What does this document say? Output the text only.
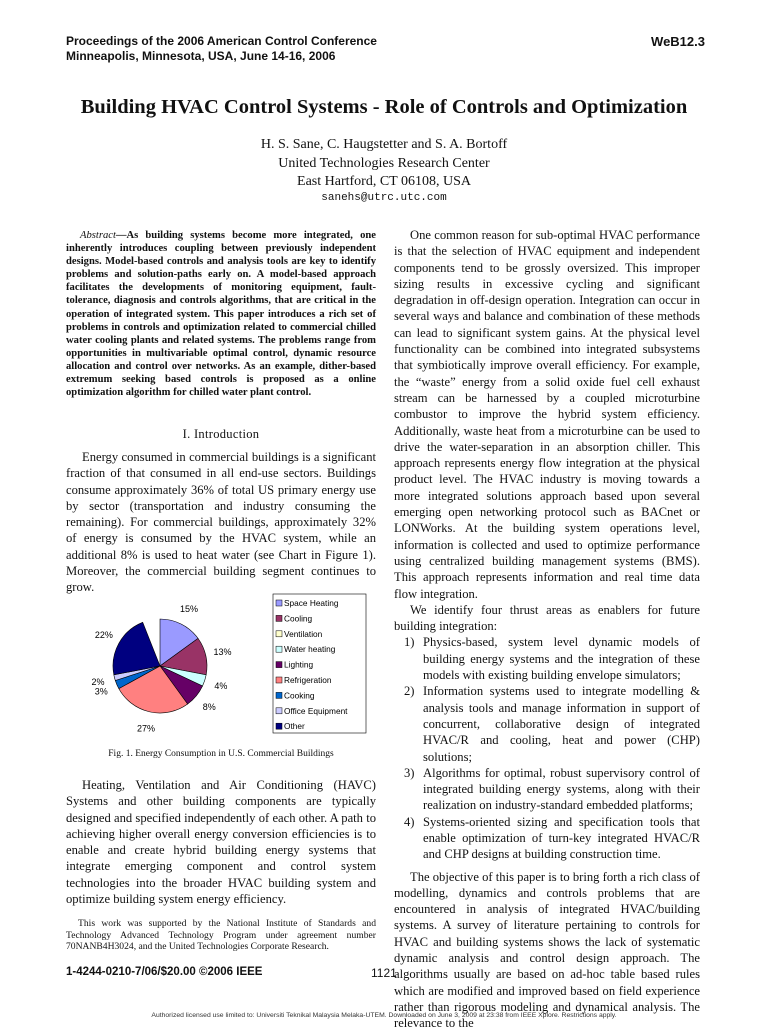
Proceedings of the 2006 American Control Conference
Minneapolis, Minnesota, USA, June 14-16, 2006
WeB12.3
Building HVAC Control Systems - Role of Controls and Optimization
H. S. Sane, C. Haugstetter and S. A. Bortoff
United Technologies Research Center
East Hartford, CT 06108, USA
sanehs@utrc.utc.com
Abstract—As building systems become more integrated, one inherently introduces coupling between previously independent designs. Model-based controls and analysis tools are key to identify problems and solution-paths early on. A model-based approach facilitates the developments of monitoring equipment, fault-tolerance, diagnosis and controls algorithms, that are critical in the operation of integrated system. This paper introduces a rich set of problems in controls and optimization related to commercial chilled water cooling plants and related systems. The problems range from opportunities in multivariable optimal control, dynamic resource allocation and control over networks. As an example, dither-based extremum seeking based controls is proposed as a online optimization algorithm for chilled water plant control.
I. Introduction

Energy consumed in commercial buildings is a significant fraction of that consumed in all end-use sectors. Buildings consume approximately 36% of total US primary energy use by sector (transportation and industry consuming the remaining). For commercial buildings, approximately 32% of energy is consumed by the HVAC system, while an additional 8% is used to heat water (see Chart in Figure 1). Moreover, the commercial building segment continues to grow.

15%
13%
4%
8%
27%
3%
2%
22%
Space Heating
Cooling
Ventilation
Water heating
Lighting
Refrigeration
Cooking
Office Equipment
Other
Fig. 1. Energy Consumption in U.S. Commercial Buildings

Heating, Ventilation and Air Conditioning (HAVC) Systems and other building components are typically designed and specified independently of each other. A path to achieving higher overall energy conversion efficiencies is to enable and create hybrid building energy systems that integrate emerging component and control system technologies into the broader HVAC building system and optimize building system energy efficiency.

This work was supported by the National Institute of Standards and Technology Advanced Technology Program under agreement number 70NANB4H3024, and the United Technologies Corporate Research.

One common reason for sub-optimal HVAC performance is that the selection of HVAC equipment and independent components tend to be grossly oversized. This improper sizing results in excessive cycling and significant degradation in off-design operation. Integration can occur in several ways and balance and combination of these methods can lead to significant system gains. At the physical level functionality can be combined into integrated subsystems that symbiotically improve overall efficiency. For example, the “waste” energy from a solid oxide fuel cell exhaust stream can be harnessed by a coupled microturbine combustor to improve the hybrid system efficiency. Additionally, waste heat from a microturbine can be used to drive the water-separation in an absorption chiller. This approach represents energy flow integration at the physical product level. The HVAC industry is moving towards a more integrated solutions approach based upon several emerging open networking protocol such as BACnet or LONWorks. At the building system operations level, information is collected and used to optimize performance using centralized building management systems (BMS). This approach represents information and real time data flow integration.

We identify four thrust areas as enablers for future building integration:

1) Physics-based, system level dynamic models of building energy systems and the integration of these models with existing building envelope simulators;
2) Information systems used to integrate modelling & analysis tools and manage information in support of concurrent, collaborative design of integrated HVAC/R and cooling, heat and power (CHP) solutions;
3) Algorithms for optimal, robust supervisory control of integrated building energy systems, along with their realization on industry-standard embedded platforms;
4) Systems-oriented sizing and specification tools that enable optimization of turn-key integrated HVAC/R and CHP designs at building construction time.

The objective of this paper is to bring forth a rich class of modelling, dynamics and controls problems that are encountered in analysis of integrated HVAC/building systems. A survey of literature pertaining to controls for HVAC and building systems shows the lack of systematic dynamic analysis and control design approach. The algorithms usually are based on ad-hoc table based rules which are modified and improved based on field experience rather than rigorous modeling and dynamical analysis. The relevance to the

1-4244-0210-7/06/$20.00 ©2006 IEEE	1121
Authorized licensed use limited to: Universiti Teknikal Malaysia Melaka-UTEM. Downloaded on June 3, 2009 at 23:38 from IEEE Xplore. Restrictions apply.
